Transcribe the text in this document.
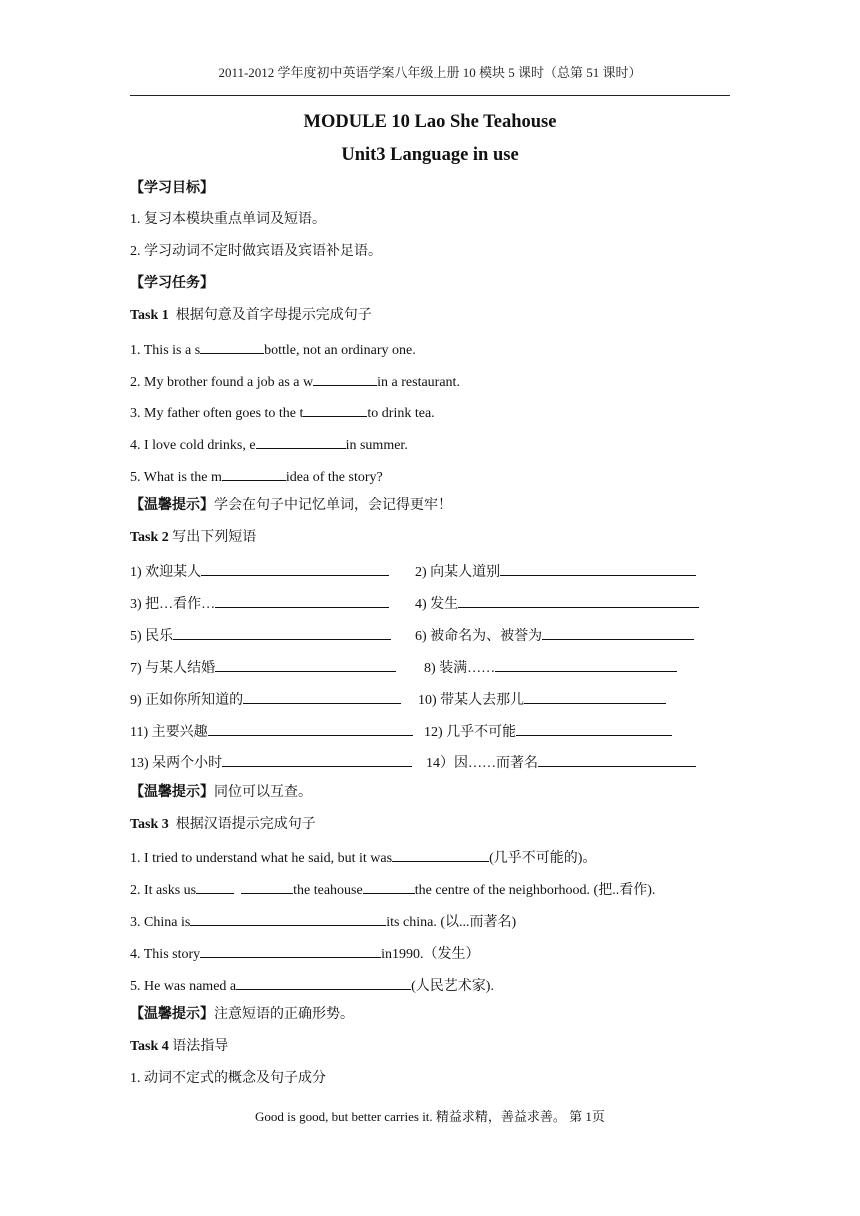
2011-2012 学年度初中英语学案八年级上册 10 模块 5 课时（总第 51 课时）
MODULE 10 Lao She Teahouse
Unit3 Language in use
【学习目标】
1. 复习本模块重点单词及短语。
2. 学习动词不定时做宾语及宾语补足语。
【学习任务】
Task 1 根据句意及首字母提示完成句子
1. This is a s	bottle, not an ordinary one.
2. My brother found a job as a w	in a restaurant.
3. My father often goes to the t	to drink tea.
4. I love cold drinks, e	in summer.
5. What is the m	idea of the story?
【温馨提示】学会在句子中记忆单词，会记得更牢！
Task 2 写出下列短语
1) 欢迎某人	2) 向某人道别
3) 把…看作…	4) 发生
5) 民乐	6) 被命名为、被誉为
7) 与某人结婚	8) 装满……
9) 正如你所知道的	10) 带某人去那儿
11) 主要兴趣	12) 几乎不可能
13) 呆两个小时	14）因……而著名
【温馨提示】同位可以互查。
Task 3 根据汉语提示完成句子
1. I tried to understand what he said, but it was	(几乎不可能的)。
2. It asks us	the teahouse	the centre of the neighborhood. (把..看作).
3. China is	its china. (以...而著名)
4. This story	in1990.（发生）
5. He was named a	(人民艺术家).
【温馨提示】注意短语的正确形势。
Task 4 语法指导
1. 动词不定式的概念及句子成分
Good is good, but better carries it. 精益求精，善益求善。 第 1页
